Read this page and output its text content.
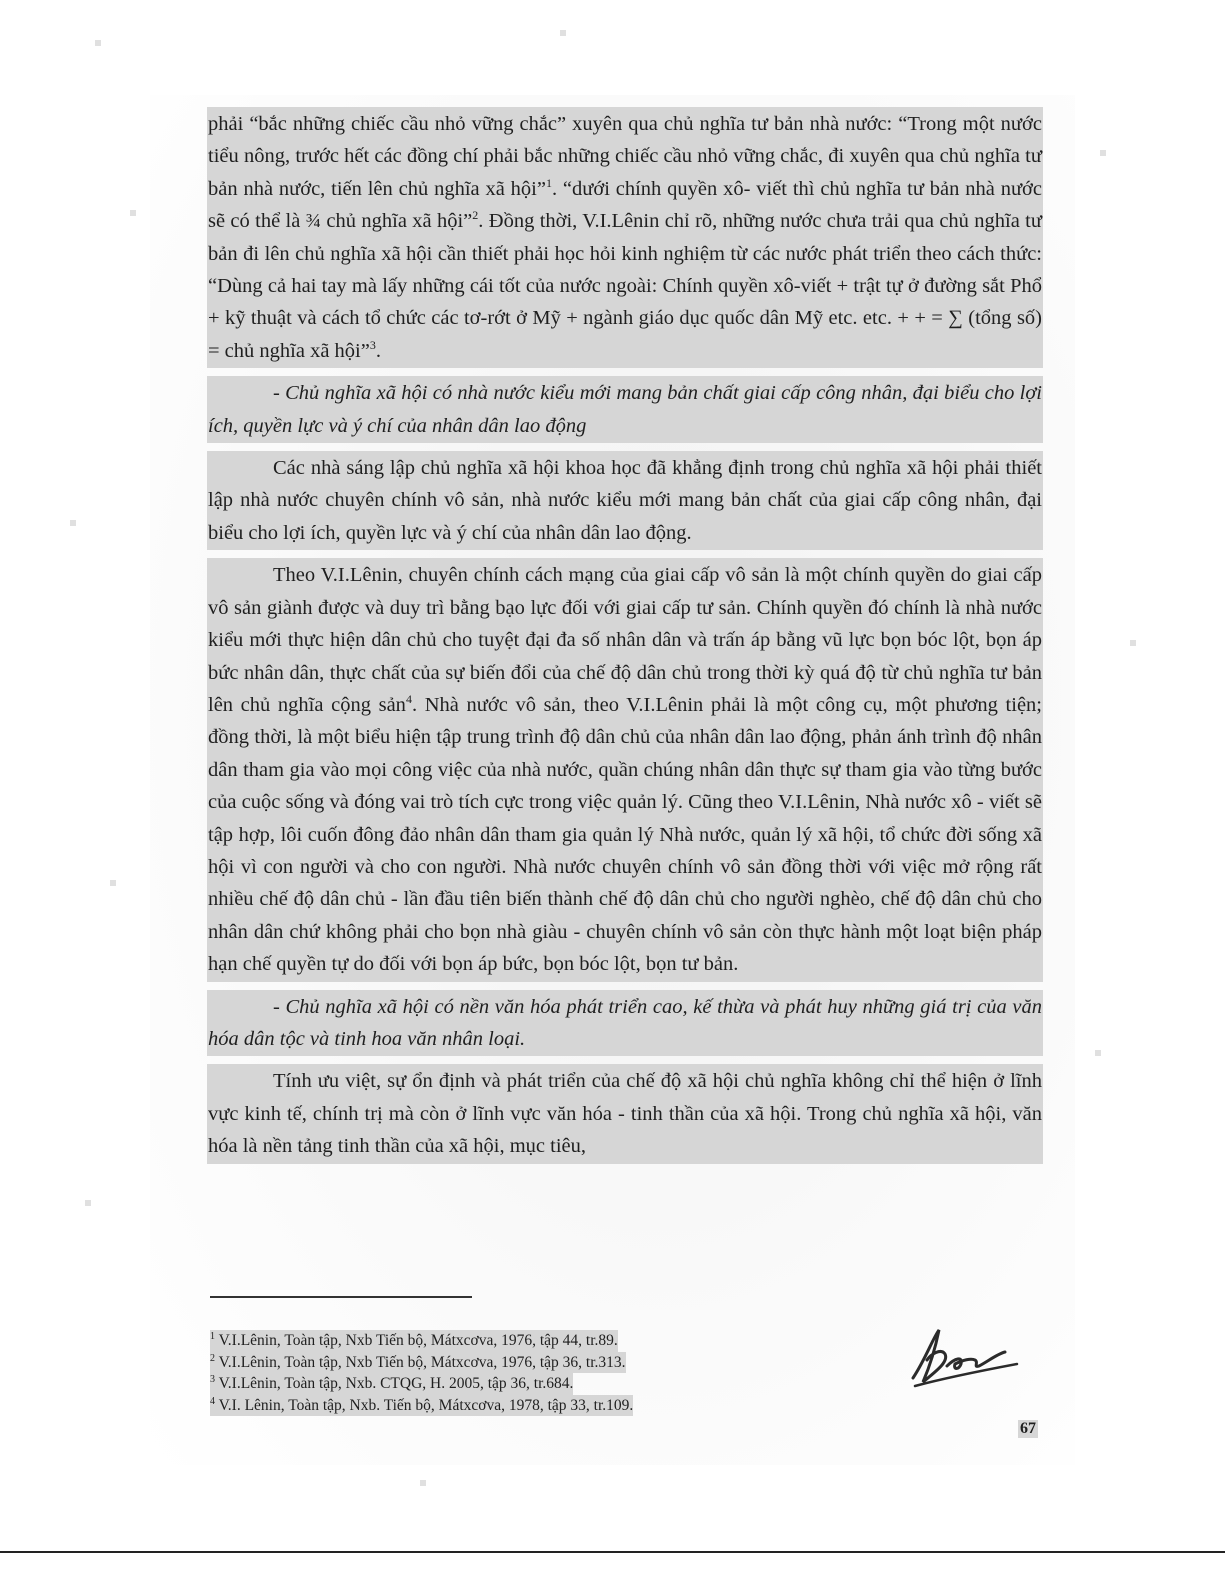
phải “bắc những chiếc cầu nhỏ vững chắc” xuyên qua chủ nghĩa tư bản nhà nước: “Trong một nước tiểu nông, trước hết các đồng chí phải bắc những chiếc cầu nhỏ vững chắc, đi xuyên qua chủ nghĩa tư bản nhà nước, tiến lên chủ nghĩa xã hội”$^1$. “dưới chính quyền xô- viết thì chủ nghĩa tư bản nhà nước sẽ có thể là ¾ chủ nghĩa xã hội”$^2$. Đồng thời, V.I.Lênin chỉ rõ, những nước chưa trải qua chủ nghĩa tư bản đi lên chủ nghĩa xã hội cần thiết phải học hỏi kinh nghiệm từ các nước phát triển theo cách thức: “Dùng cả hai tay mà lấy những cái tốt của nước ngoài: Chính quyền xô-viết + trật tự ở đường sắt Phổ + kỹ thuật và cách tổ chức các tơ-rớt ở Mỹ + ngành giáo dục quốc dân Mỹ etc. etc. + + = ∑ (tổng số) = chủ nghĩa xã hội”$^3$.

- Chủ nghĩa xã hội có nhà nước kiểu mới mang bản chất giai cấp công nhân, đại biểu cho lợi ích, quyền lực và ý chí của nhân dân lao động

Các nhà sáng lập chủ nghĩa xã hội khoa học đã khẳng định trong chủ nghĩa xã hội phải thiết lập nhà nước chuyên chính vô sản, nhà nước kiểu mới mang bản chất của giai cấp công nhân, đại biểu cho lợi ích, quyền lực và ý chí của nhân dân lao động.

Theo V.I.Lênin, chuyên chính cách mạng của giai cấp vô sản là một chính quyền do giai cấp vô sản giành được và duy trì bằng bạo lực đối với giai cấp tư sản. Chính quyền đó chính là nhà nước kiểu mới thực hiện dân chủ cho tuyệt đại đa số nhân dân và trấn áp bằng vũ lực bọn bóc lột, bọn áp bức nhân dân, thực chất của sự biến đổi của chế độ dân chủ trong thời kỳ quá độ từ chủ nghĩa tư bản lên chủ nghĩa cộng sản$^4$. Nhà nước vô sản, theo V.I.Lênin phải là một công cụ, một phương tiện; đồng thời, là một biểu hiện tập trung trình độ dân chủ của nhân dân lao động, phản ánh trình độ nhân dân tham gia vào mọi công việc của nhà nước, quần chúng nhân dân thực sự tham gia vào từng bước của cuộc sống và đóng vai trò tích cực trong việc quản lý. Cũng theo V.I.Lênin, Nhà nước xô - viết sẽ tập hợp, lôi cuốn đông đảo nhân dân tham gia quản lý Nhà nước, quản lý xã hội, tổ chức đời sống xã hội vì con người và cho con người. Nhà nước chuyên chính vô sản đồng thời với việc mở rộng rất nhiều chế độ dân chủ - lần đầu tiên biến thành chế độ dân chủ cho người nghèo, chế độ dân chủ cho nhân dân chứ không phải cho bọn nhà giàu - chuyên chính vô sản còn thực hành một loạt biện pháp hạn chế quyền tự do đối với bọn áp bức, bọn bóc lột, bọn tư bản.

- Chủ nghĩa xã hội có nền văn hóa phát triển cao, kế thừa và phát huy những giá trị của văn hóa dân tộc và tinh hoa văn nhân loại.

Tính ưu việt, sự ổn định và phát triển của chế độ xã hội chủ nghĩa không chỉ thể hiện ở lĩnh vực kinh tế, chính trị mà còn ở lĩnh vực văn hóa - tinh thần của xã hội. Trong chủ nghĩa xã hội, văn hóa là nền tảng tinh thần của xã hội, mục tiêu,

$^1$ V.I.Lênin, Toàn tập, Nxb Tiến bộ, Mátxcơva, 1976, tập 44, tr.89.
$^2$ V.I.Lênin, Toàn tập, Nxb Tiến bộ, Mátxcơva, 1976, tập 36, tr.313.
$^3$ V.I.Lênin, Toàn tập, Nxb. CTQG, H. 2005, tập 36, tr.684.
$^4$ V.I. Lênin, Toàn tập, Nxb. Tiến bộ, Mátxcơva, 1978, tập 33, tr.109.
67
